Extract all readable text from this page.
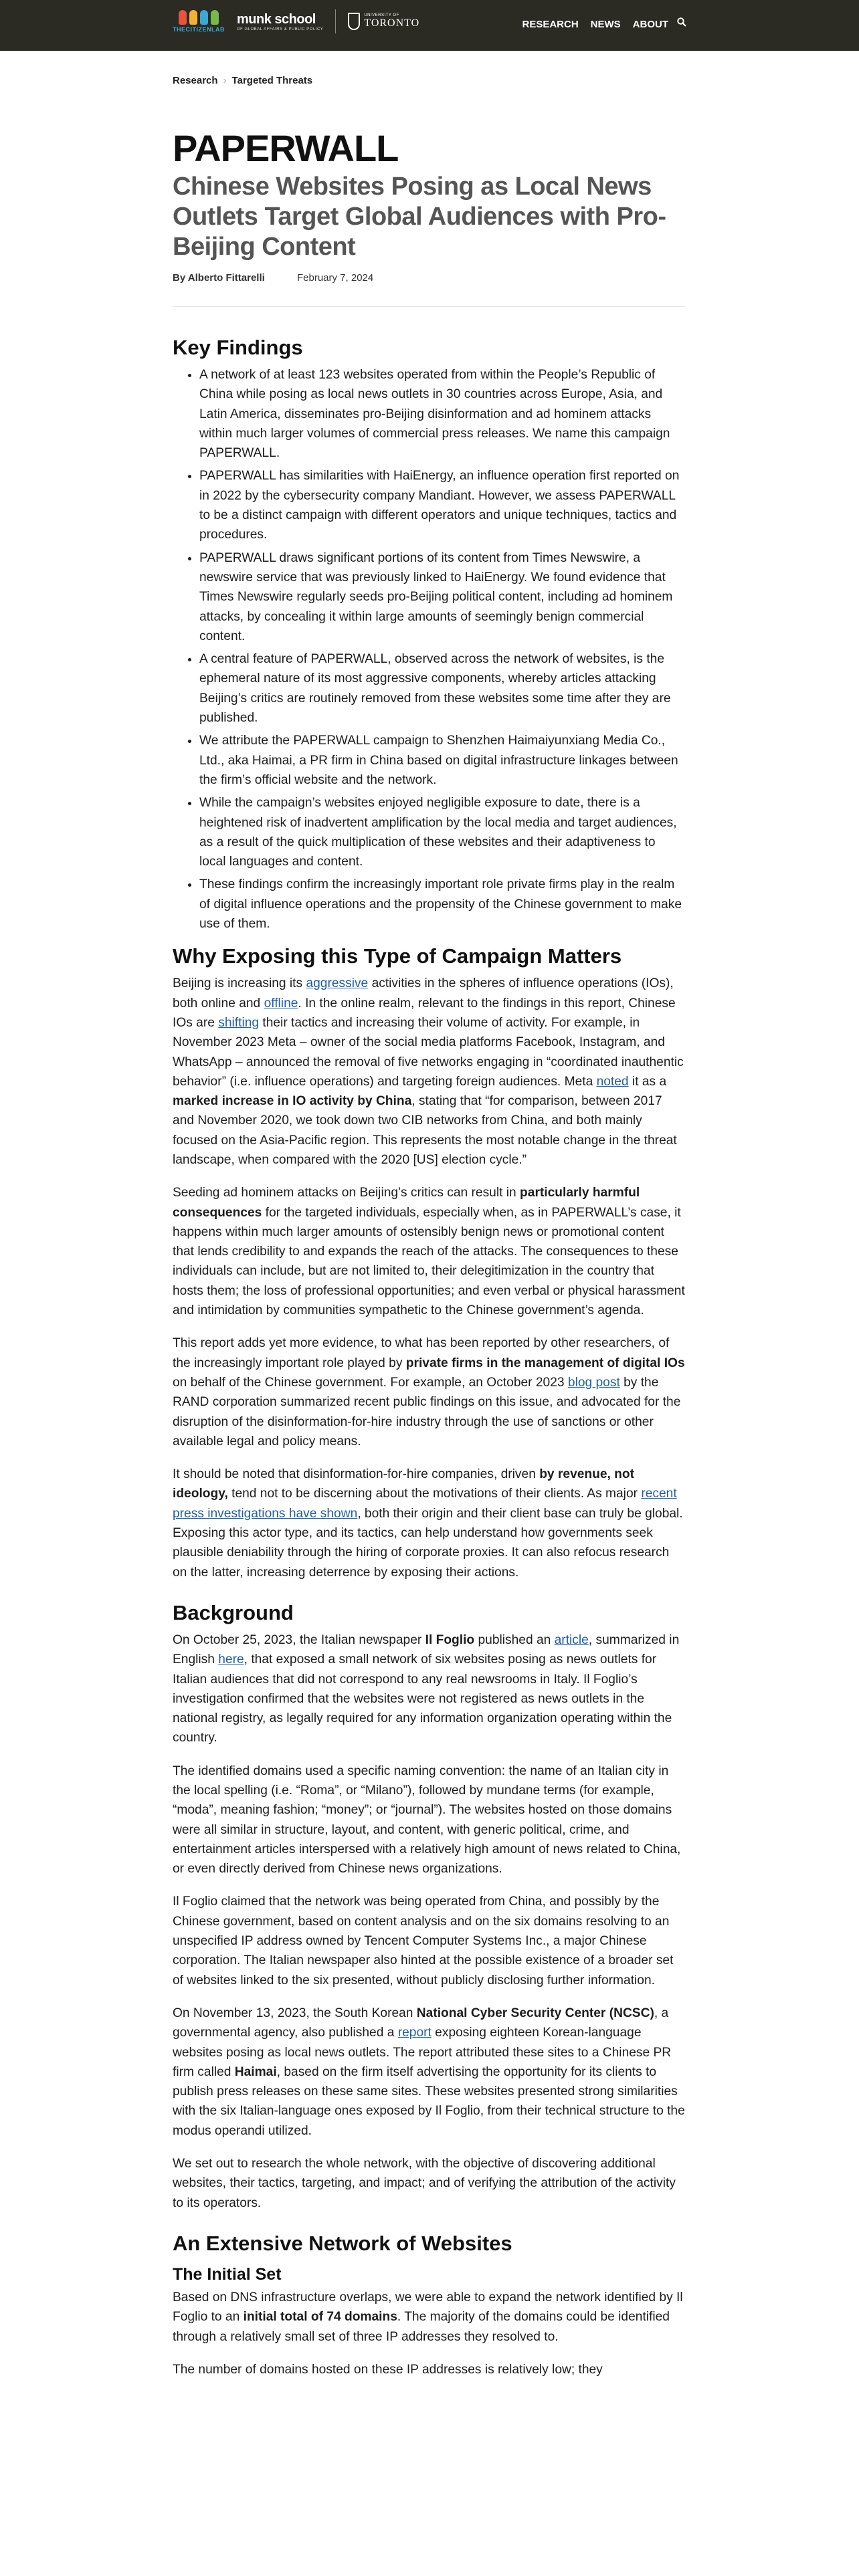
THECITIZENLAB
munk school
OF GLOBAL AFFAIRS & PUBLIC POLICY
UNIVERSITY OF
TORONTO	RESEARCH NEWS ABOUT
Research › Targeted Threats
PAPERWALL
Chinese Websites Posing as Local News Outlets Target Global Audiences with Pro-Beijing Content
By Alberto Fittarelli	February 7, 2024
Key Findings
• A network of at least 123 websites operated from within the People’s Republic of China while posing as local news outlets in 30 countries across Europe, Asia, and Latin America, disseminates pro-Beijing disinformation and ad hominem attacks within much larger volumes of commercial press releases. We name this campaign PAPERWALL.
• PAPERWALL has similarities with HaiEnergy, an influence operation first reported on in 2022 by the cybersecurity company Mandiant. However, we assess PAPERWALL to be a distinct campaign with different operators and unique techniques, tactics and procedures.
• PAPERWALL draws significant portions of its content from Times Newswire, a newswire service that was previously linked to HaiEnergy. We found evidence that Times Newswire regularly seeds pro-Beijing political content, including ad hominem attacks, by concealing it within large amounts of seemingly benign commercial content.
• A central feature of PAPERWALL, observed across the network of websites, is the ephemeral nature of its most aggressive components, whereby articles attacking Beijing’s critics are routinely removed from these websites some time after they are published.
• We attribute the PAPERWALL campaign to Shenzhen Haimaiyunxiang Media Co., Ltd., aka Haimai, a PR firm in China based on digital infrastructure linkages between the firm’s official website and the network.
• While the campaign’s websites enjoyed negligible exposure to date, there is a heightened risk of inadvertent amplification by the local media and target audiences, as a result of the quick multiplication of these websites and their adaptiveness to local languages and content.
• These findings confirm the increasingly important role private firms play in the realm of digital influence operations and the propensity of the Chinese government to make use of them.
Why Exposing this Type of Campaign Matters

Beijing is increasing its aggressive activities in the spheres of influence operations (IOs), both online and offline. In the online realm, relevant to the findings in this report, Chinese IOs are shifting their tactics and increasing their volume of activity. For example, in November 2023 Meta – owner of the social media platforms Facebook, Instagram, and WhatsApp – announced the removal of five networks engaging in “coordinated inauthentic behavior” (i.e. influence operations) and targeting foreign audiences. Meta noted it as a marked increase in IO activity by China, stating that “for comparison, between 2017 and November 2020, we took down two CIB networks from China, and both mainly focused on the Asia-Pacific region. This represents the most notable change in the threat landscape, when compared with the 2020 [US] election cycle.”

Seeding ad hominem attacks on Beijing’s critics can result in particularly harmful consequences for the targeted individuals, especially when, as in PAPERWALL’s case, it happens within much larger amounts of ostensibly benign news or promotional content that lends credibility to and expands the reach of the attacks. The consequences to these individuals can include, but are not limited to, their delegitimization in the country that hosts them; the loss of professional opportunities; and even verbal or physical harassment and intimidation by communities sympathetic to the Chinese government’s agenda.

This report adds yet more evidence, to what has been reported by other researchers, of the increasingly important role played by private firms in the management of digital IOs on behalf of the Chinese government. For example, an October 2023 blog post by the RAND corporation summarized recent public findings on this issue, and advocated for the disruption of the disinformation-for-hire industry through the use of sanctions or other available legal and policy means.

It should be noted that disinformation-for-hire companies, driven by revenue, not ideology, tend not to be discerning about the motivations of their clients. As major recent press investigations have shown, both their origin and their client base can truly be global. Exposing this actor type, and its tactics, can help understand how governments seek plausible deniability through the hiring of corporate proxies. It can also refocus research on the latter, increasing deterrence by exposing their actions.

Background

On October 25, 2023, the Italian newspaper Il Foglio published an article, summarized in English here, that exposed a small network of six websites posing as news outlets for Italian audiences that did not correspond to any real newsrooms in Italy. Il Foglio’s investigation confirmed that the websites were not registered as news outlets in the national registry, as legally required for any information organization operating within the country.

The identified domains used a specific naming convention: the name of an Italian city in the local spelling (i.e. “Roma”, or “Milano”), followed by mundane terms (for example, “moda”, meaning fashion; “money”; or “journal”). The websites hosted on those domains were all similar in structure, layout, and content, with generic political, crime, and entertainment articles interspersed with a relatively high amount of news related to China, or even directly derived from Chinese news organizations.

Il Foglio claimed that the network was being operated from China, and possibly by the Chinese government, based on content analysis and on the six domains resolving to an unspecified IP address owned by Tencent Computer Systems Inc., a major Chinese corporation. The Italian newspaper also hinted at the possible existence of a broader set of websites linked to the six presented, without publicly disclosing further information.

On November 13, 2023, the South Korean National Cyber Security Center (NCSC), a governmental agency, also published a report exposing eighteen Korean-language websites posing as local news outlets. The report attributed these sites to a Chinese PR firm called Haimai, based on the firm itself advertising the opportunity for its clients to publish press releases on these same sites. These websites presented strong similarities with the six Italian-language ones exposed by Il Foglio, from their technical structure to the modus operandi utilized.

We set out to research the whole network, with the objective of discovering additional websites, their tactics, targeting, and impact; and of verifying the attribution of the activity to its operators.

An Extensive Network of Websites
The Initial Set

Based on DNS infrastructure overlaps, we were able to expand the network identified by Il Foglio to an initial total of 74 domains. The majority of the domains could be identified through a relatively small set of three IP addresses they resolved to.

The number of domains hosted on these IP addresses is relatively low; they
